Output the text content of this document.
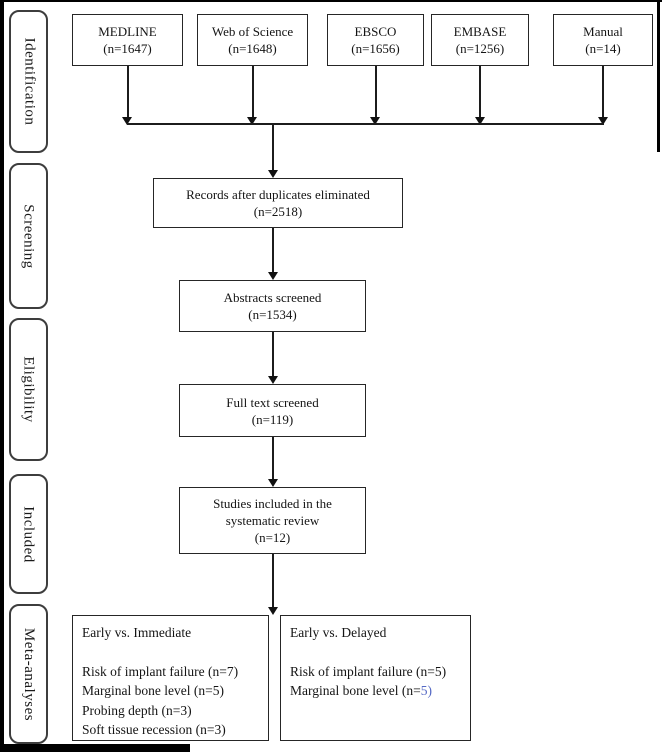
Identification
Screening
Eligibility
Included
Meta-analyses
MEDLINE
(n=1647)
Web of Science
(n=1648)
EBSCO
(n=1656)
EMBASE
(n=1256)
Manual
(n=14)
Records after duplicates eliminated
(n=2518)
Abstracts screened
(n=1534)
Full text screened
(n=119)
Studies included in the
systematic review
(n=12)
Early vs. Immediate
Risk of implant failure (n=7)
Marginal bone level (n=5)
Probing depth (n=3)
Soft tissue recession (n=3)
Early vs. Delayed
Risk of implant failure (n=5)
Marginal bone level (n=5)
